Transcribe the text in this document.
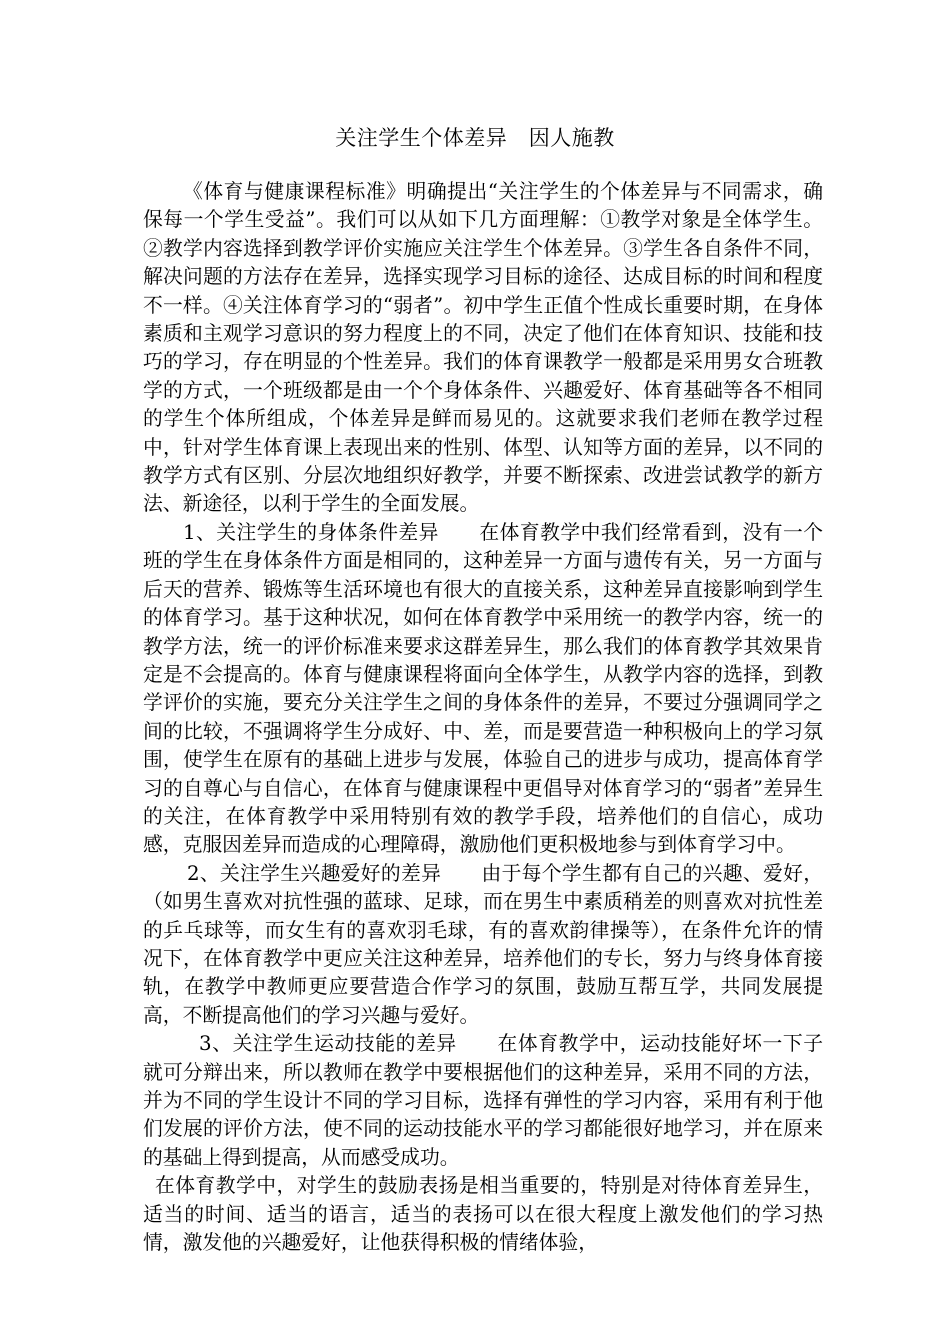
关注学生个体差异　因人施教

《体育与健康课程标准》明确提出“关注学生的个体差异与不同需求，确保每一个学生受益”。我们可以从如下几方面理解：①教学对象是全体学生。②教学内容选择到教学评价实施应关注学生个体差异。③学生各自条件不同，解决问题的方法存在差异，选择实现学习目标的途径、达成目标的时间和程度不一样。④关注体育学习的“弱者”。初中学生正值个性成长重要时期，在身体素质和主观学习意识的努力程度上的不同，决定了他们在体育知识、技能和技巧的学习，存在明显的个性差异。我们的体育课教学一般都是采用男女合班教学的方式，一个班级都是由一个个身体条件、兴趣爱好、体育基础等各不相同的学生个体所组成，个体差异是鲜而易见的。这就要求我们老师在教学过程中，针对学生体育课上表现出来的性别、体型、认知等方面的差异，以不同的教学方式有区别、分层次地组织好教学，并要不断探索、改进尝试教学的新方法、新途径，以利于学生的全面发展。

1、关注学生的身体条件差异　　在体育教学中我们经常看到，没有一个班的学生在身体条件方面是相同的，这种差异一方面与遗传有关，另一方面与后天的营养、锻炼等生活环境也有很大的直接关系，这种差异直接影响到学生的体育学习。基于这种状况，如何在体育教学中采用统一的教学内容，统一的教学方法，统一的评价标准来要求这群差异生，那么我们的体育教学其效果肯定是不会提高的。体育与健康课程将面向全体学生，从教学内容的选择，到教学评价的实施，要充分关注学生之间的身体条件的差异，不要过分强调同学之间的比较，不强调将学生分成好、中、差，而是要营造一种积极向上的学习氛围，使学生在原有的基础上进步与发展，体验自己的进步与成功，提高体育学习的自尊心与自信心，在体育与健康课程中更倡导对体育学习的“弱者”差异生的关注，在体育教学中采用特别有效的教学手段，培养他们的自信心，成功感，克服因差异而造成的心理障碍，激励他们更积极地参与到体育学习中。

2、关注学生兴趣爱好的差异　　由于每个学生都有自己的兴趣、爱好，（如男生喜欢对抗性强的蓝球、足球，而在男生中素质稍差的则喜欢对抗性差的乒乓球等，而女生有的喜欢羽毛球，有的喜欢韵律操等），在条件允许的情况下，在体育教学中更应关注这种差异，培养他们的专长，努力与终身体育接轨，在教学中教师更应要营造合作学习的氛围，鼓励互帮互学，共同发展提高，不断提高他们的学习兴趣与爱好。

3、关注学生运动技能的差异　　在体育教学中，运动技能好坏一下子就可分辩出来，所以教师在教学中要根据他们的这种差异，采用不同的方法，并为不同的学生设计不同的学习目标，选择有弹性的学习内容，采用有利于他们发展的评价方法，使不同的运动技能水平的学习都能很好地学习，并在原来的基础上得到提高，从而感受成功。

在体育教学中，对学生的鼓励表扬是相当重要的，特别是对待体育差异生，适当的时间、适当的语言，适当的表扬可以在很大程度上激发他们的学习热情，激发他的兴趣爱好，让他获得积极的情绪体验，
